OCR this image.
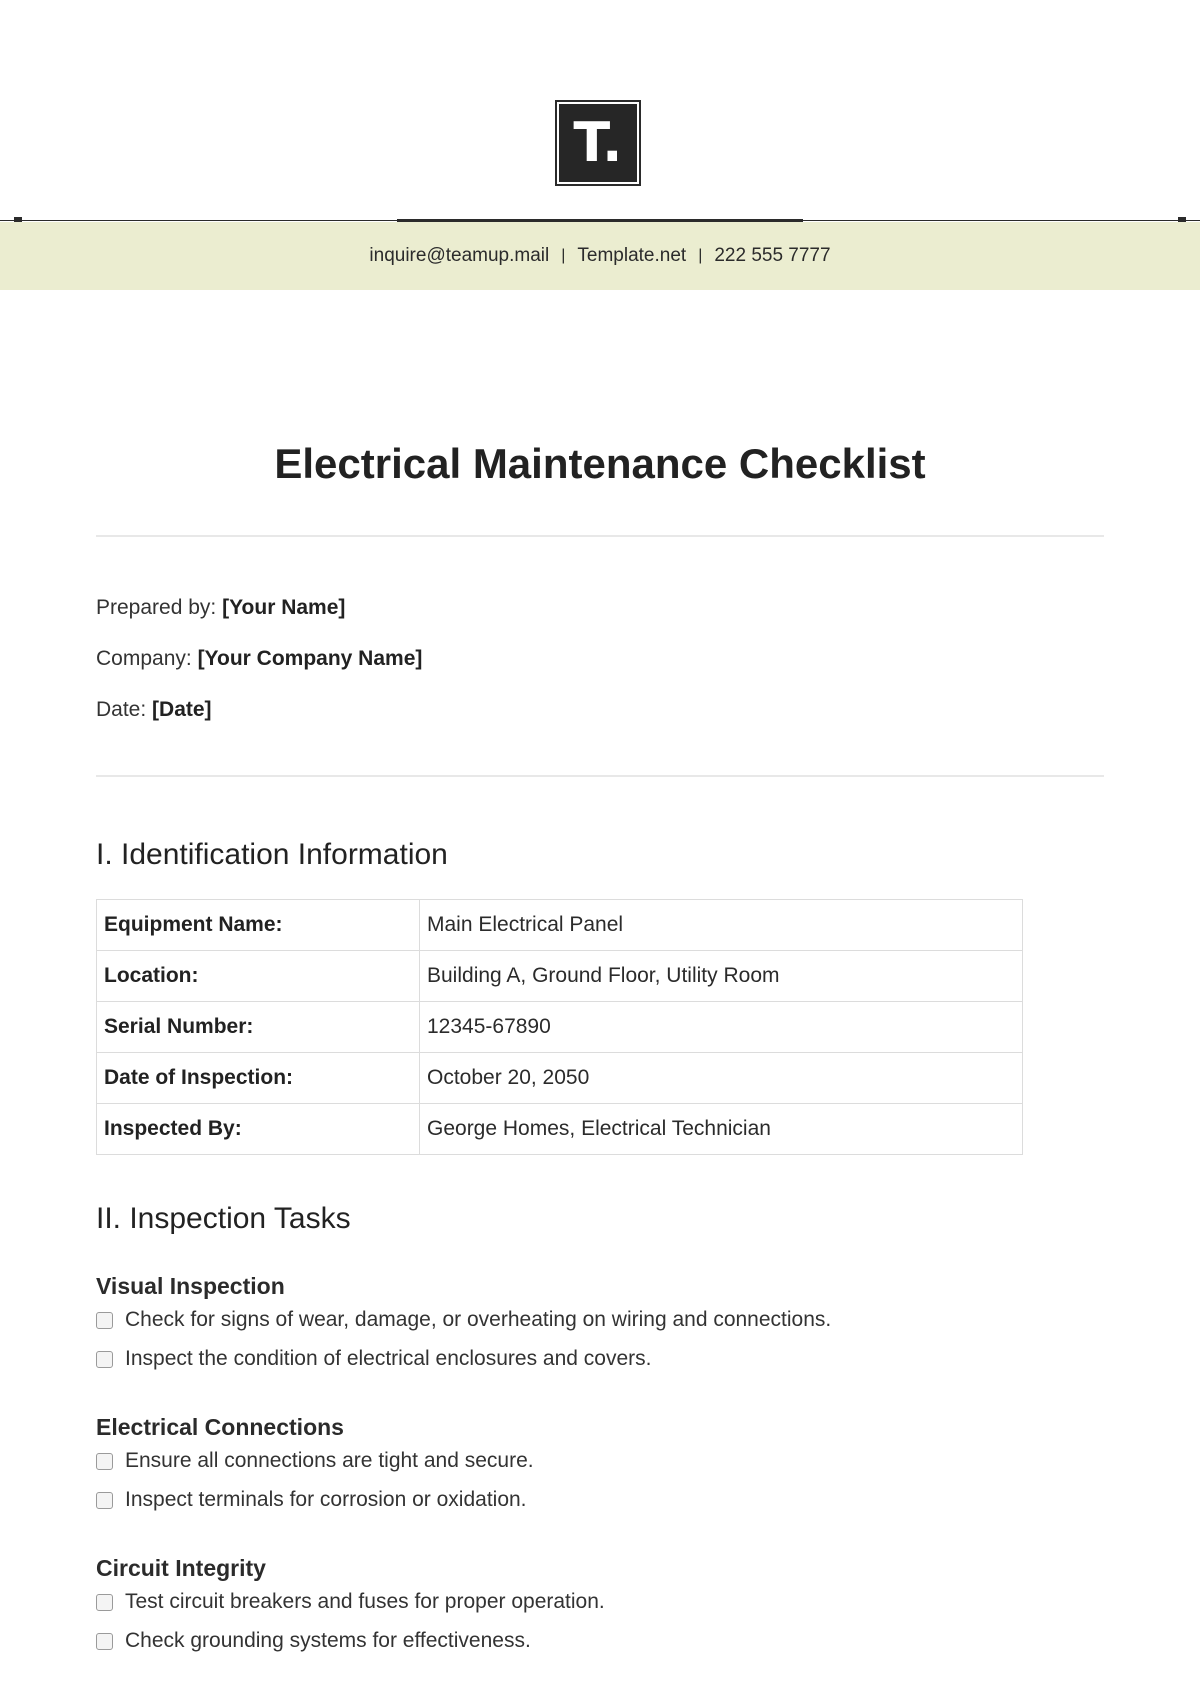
T.
inquire@teamup.mail | Template.net | 222 555 7777
Electrical Maintenance Checklist
Prepared by: [Your Name]
Company: [Your Company Name]
Date: [Date]
I. Identification Information
Equipment Name:	Main Electrical Panel
Location:	Building A, Ground Floor, Utility Room
Serial Number:	12345-67890
Date of Inspection:	October 20, 2050
Inspected By:	George Homes, Electrical Technician
II. Inspection Tasks
Visual Inspection
Check for signs of wear, damage, or overheating on wiring and connections.
Inspect the condition of electrical enclosures and covers.
Electrical Connections
Ensure all connections are tight and secure.
Inspect terminals for corrosion or oxidation.
Circuit Integrity
Test circuit breakers and fuses for proper operation.
Check grounding systems for effectiveness.
